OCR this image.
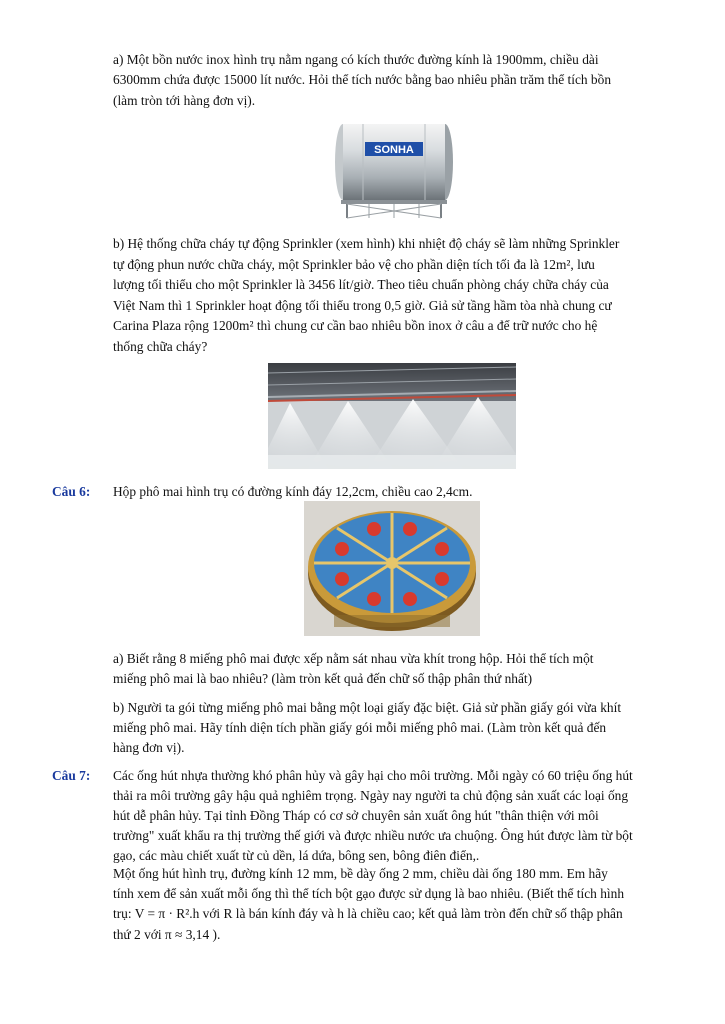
a) Một bồn nước inox hình trụ nằm ngang có kích thước đường kính là 1900mm, chiều dài

6300mm chứa được 15000 lít nước. Hỏi thể tích nước bằng bao nhiêu phần trăm thể tích bồn

(làm tròn tới hàng đơn vị).

SONHA

b) Hệ thống chữa cháy tự động Sprinkler (xem hình) khi nhiệt độ cháy sẽ làm những Sprinkler

tự động phun nước chữa cháy, một Sprinkler bảo vệ cho phần diện tích tối đa là 12m², lưu

lượng tối thiểu cho một Sprinkler là 3456 lít/giờ. Theo tiêu chuẩn phòng cháy chữa cháy của

Việt Nam thì 1 Sprinkler hoạt động tối thiểu trong 0,5 giờ. Giả sử tầng hầm tòa nhà chung cư

Carina Plaza rộng 1200m² thì chung cư cần bao nhiêu bồn inox ở câu a để trữ nước cho hệ

thống chữa cháy?

Câu 6: Hộp phô mai hình trụ có đường kính đáy 12,2cm, chiều cao 2,4cm.

a) Biết rằng 8 miếng phô mai được xếp nằm sát nhau vừa khít trong hộp. Hỏi thể tích một

miếng phô mai là bao nhiêu? (làm tròn kết quả đến chữ số thập phân thứ nhất)

b) Người ta gói từng miếng phô mai bằng một loại giấy đặc biệt. Giả sử phần giấy gói vừa khít

miếng phô mai. Hãy tính diện tích phần giấy gói mỗi miếng phô mai. (Làm tròn kết quả đến

hàng đơn vị).

Câu 7: Các ống hút nhựa thường khó phân hủy và gây hại cho môi trường. Mỗi ngày có 60 triệu ống hút

thải ra môi trường gây hậu quả nghiêm trọng. Ngày nay người ta chủ động sản xuất các loại ống

hút dễ phân hủy. Tại tỉnh Đồng Tháp có cơ sở chuyên sản xuất ông hút "thân thiện với môi

trường" xuất khẩu ra thị trường thế giới và được nhiều nước ưa chuộng. Ông hút được làm từ bột

gạo, các màu chiết xuất từ củ dền, lá dứa, bông sen, bông điên điển,.

Một ống hút hình trụ, đường kính 12 mm, bề dày ống 2 mm, chiều dài ống 180 mm. Em hãy

tính xem để sản xuất mỗi ống thì thể tích bột gạo được sử dụng là bao nhiêu. (Biết thể tích hình

trụ: V = π · R².h với R là bán kính đáy và h là chiều cao; kết quả làm tròn đến chữ số thập phân

thứ 2 với π ≈ 3,14 ).
